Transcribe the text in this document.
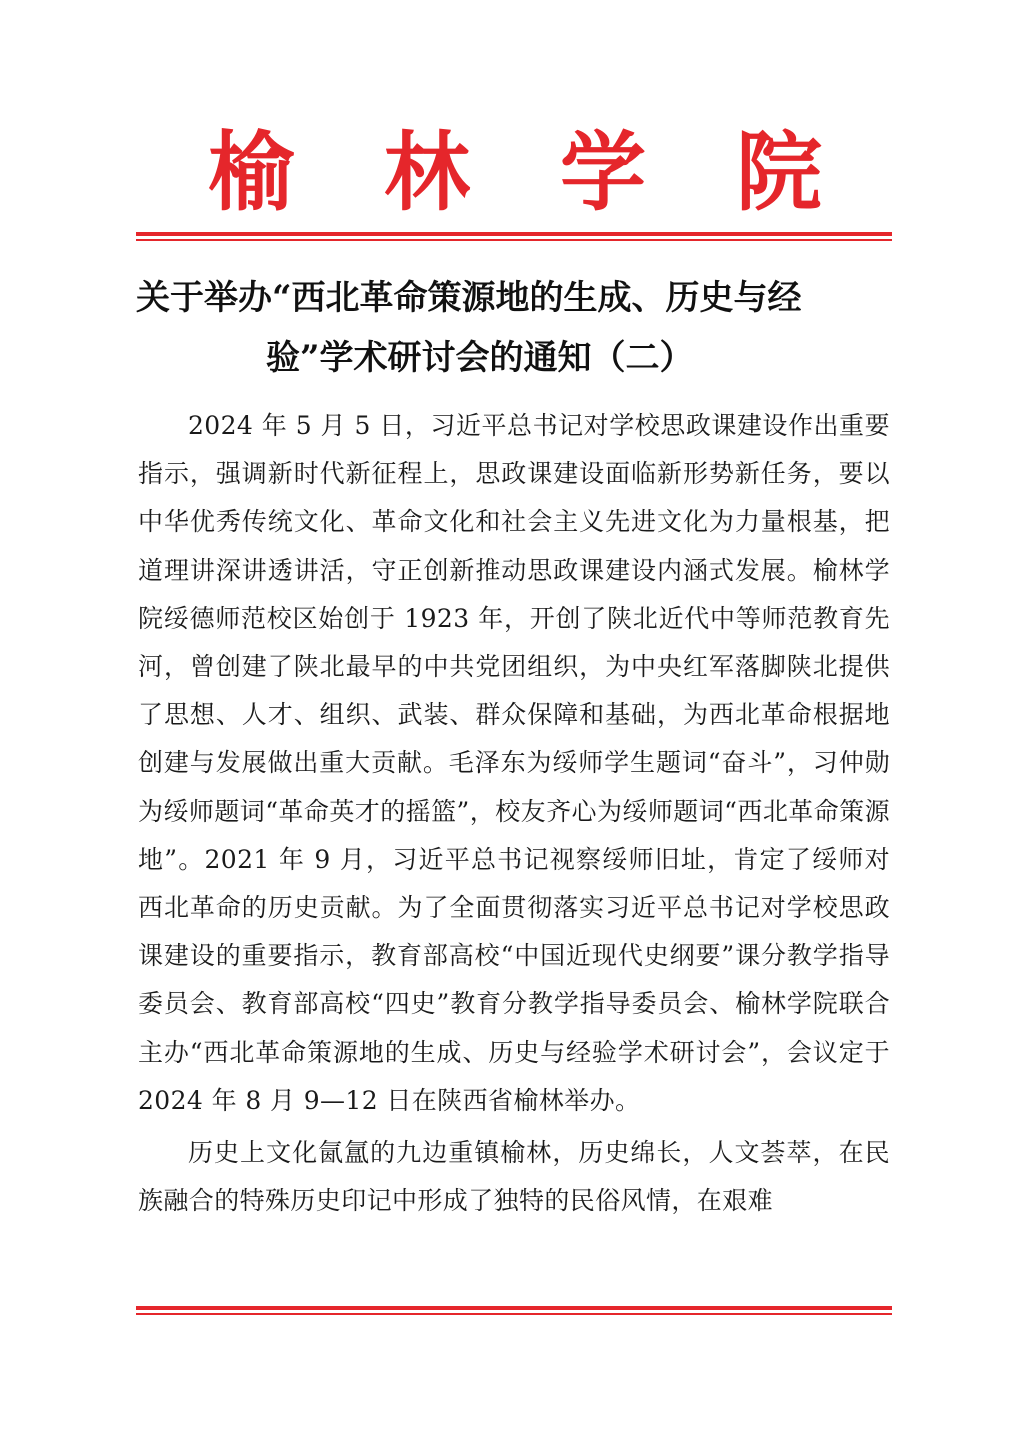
榆 林 学 院
关于举办“西北革命策源地的生成、历史与经
验”学术研讨会的通知（二）

2024 年 5 月 5 日，习近平总书记对学校思政课建设作出重要指示，强调新时代新征程上，思政课建设面临新形势新任务，要以中华优秀传统文化、革命文化和社会主义先进文化为力量根基，把道理讲深讲透讲活，守正创新推动思政课建设内涵式发展。榆林学院绥德师范校区始创于 1923 年，开创了陕北近代中等师范教育先河，曾创建了陕北最早的中共党团组织，为中央红军落脚陕北提供了思想、人才、组织、武装、群众保障和基础，为西北革命根据地创建与发展做出重大贡献。毛泽东为绥师学生题词“奋斗”，习仲勋为绥师题词“革命英才的摇篮”，校友齐心为绥师题词“西北革命策源地”。2021 年 9 月，习近平总书记视察绥师旧址，肯定了绥师对西北革命的历史贡献。为了全面贯彻落实习近平总书记对学校思政课建设的重要指示，教育部高校“中国近现代史纲要”课分教学指导委员会、教育部高校“四史”教育分教学指导委员会、榆林学院联合主办“西北革命策源地的生成、历史与经验学术研讨会”，会议定于 2024 年 8 月 9—12 日在陕西省榆林举办。

历史上文化氤氲的九边重镇榆林，历史绵长，人文荟萃，在民族融合的特殊历史印记中形成了独特的民俗风情，在艰难
